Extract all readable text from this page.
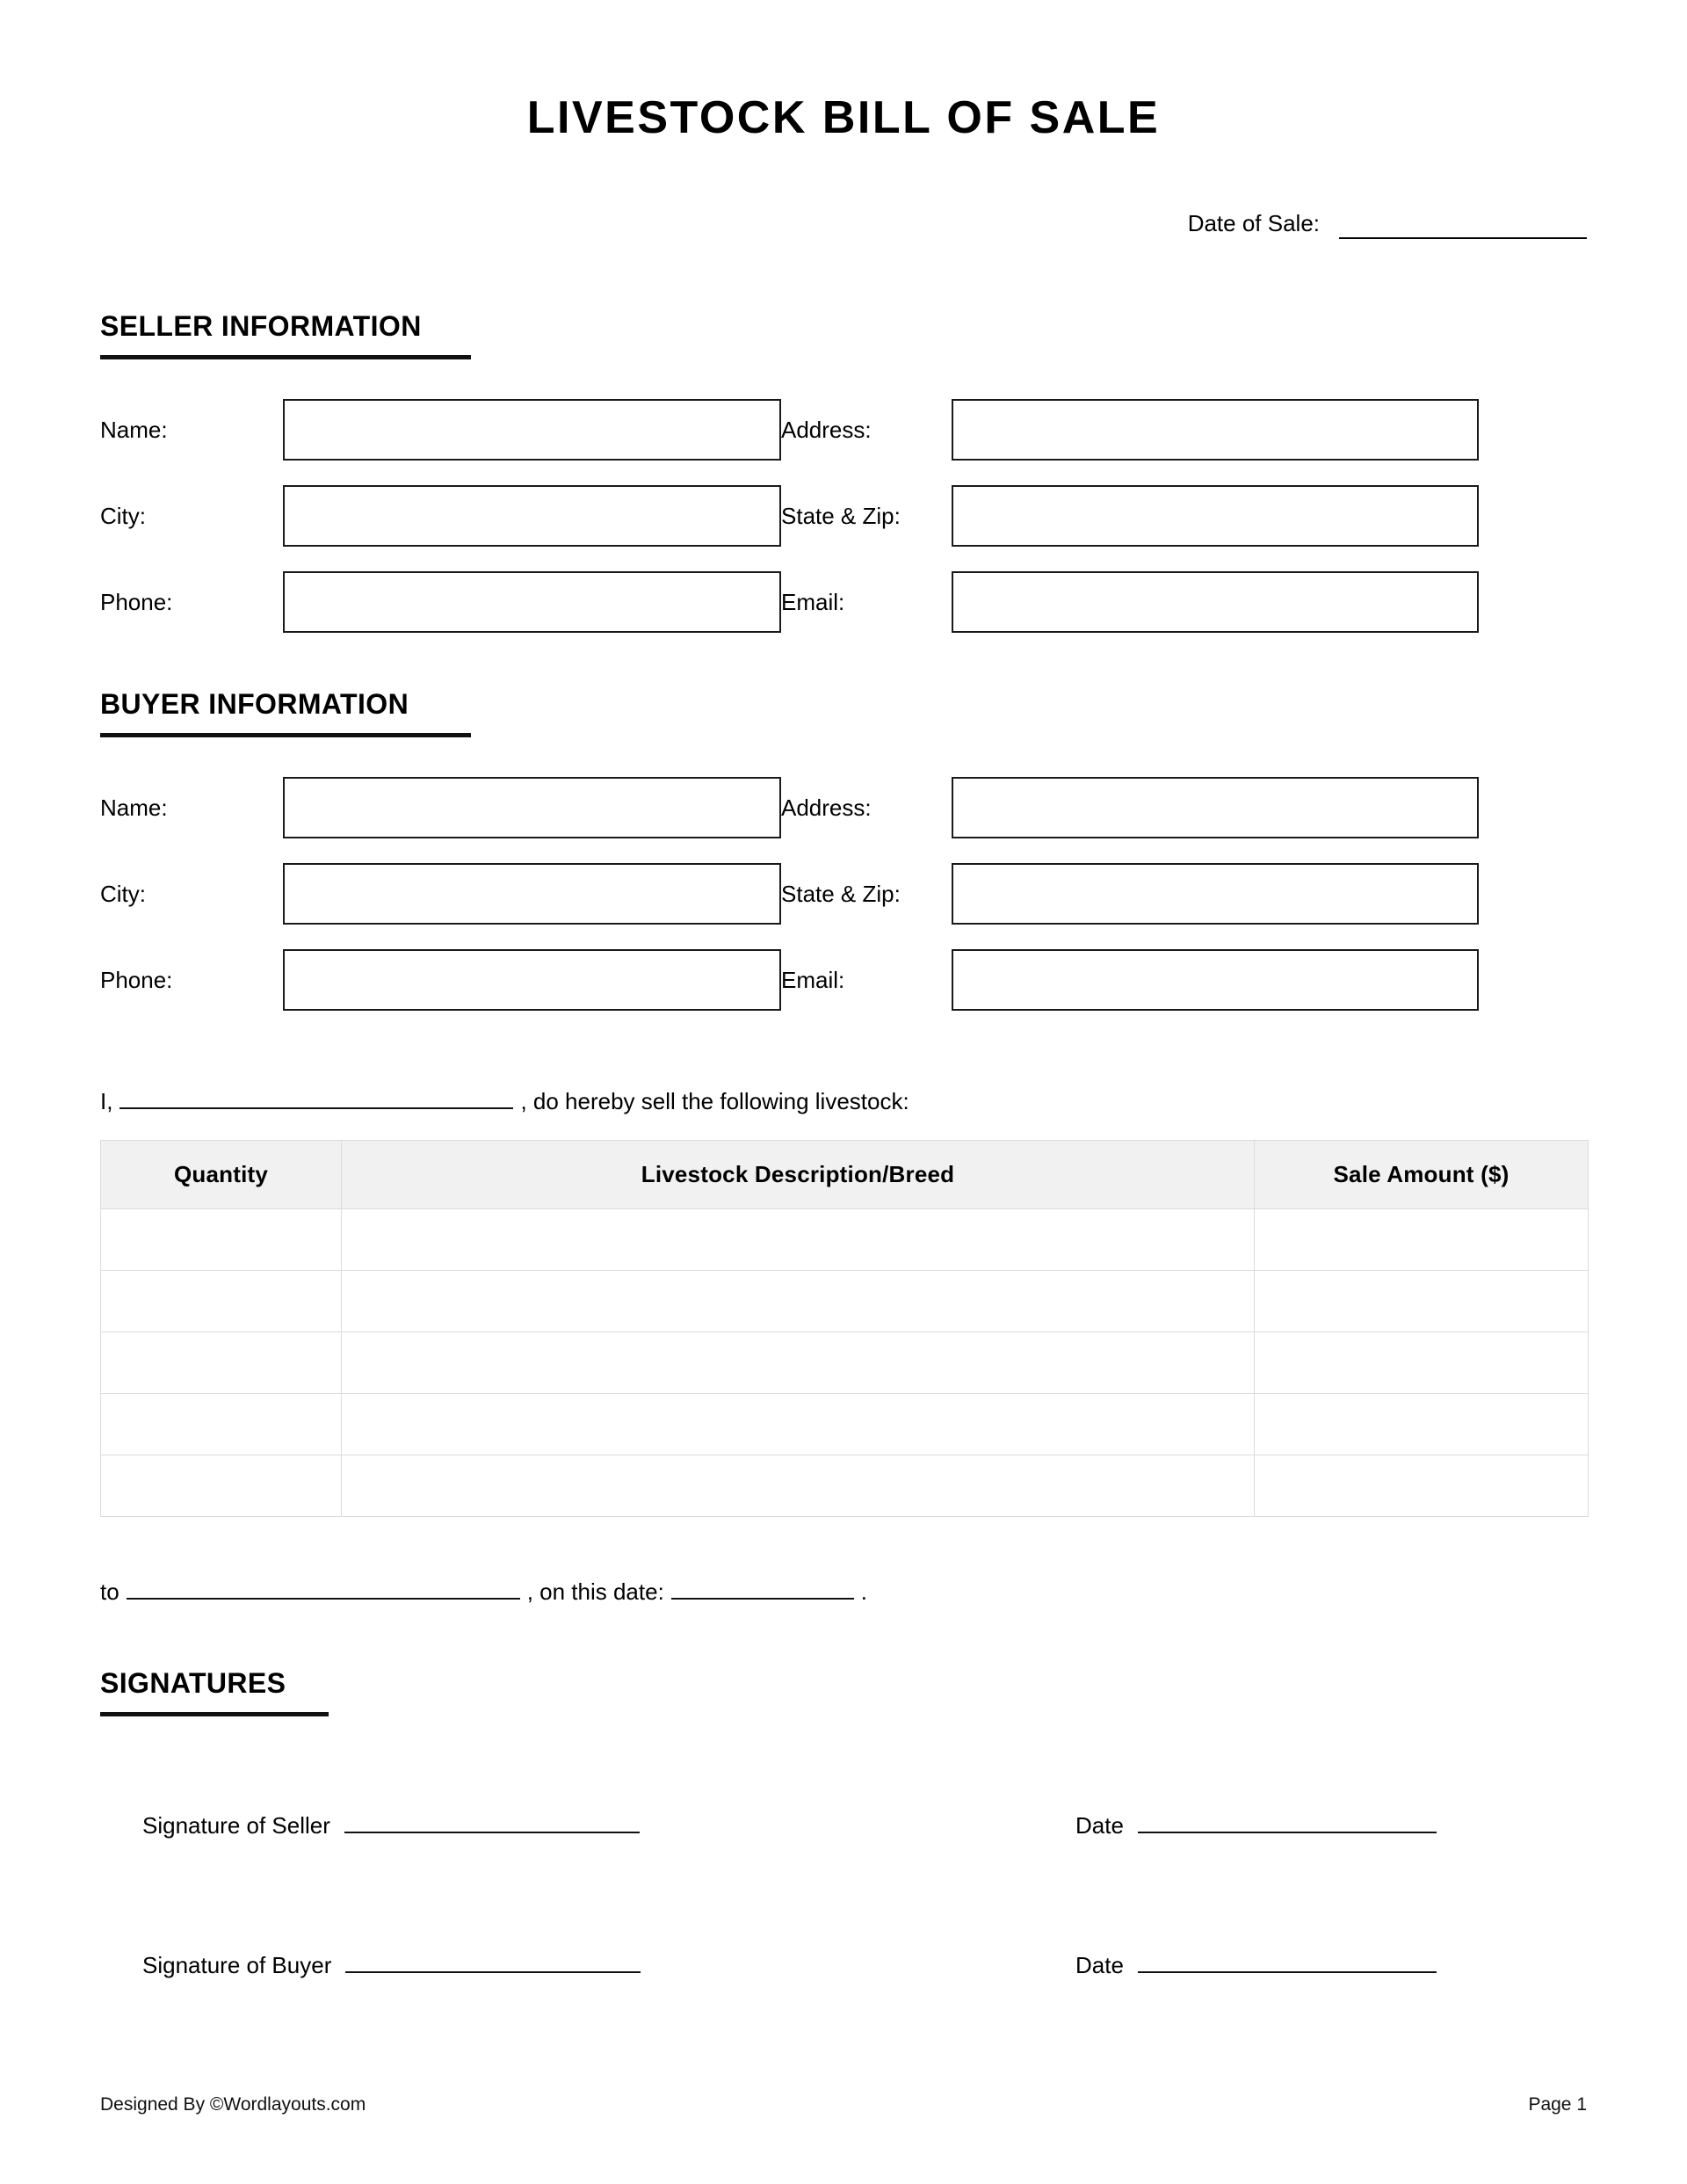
LIVESTOCK BILL OF SALE
Date of Sale:
SELLER INFORMATION
Name:	Address:
City:	State & Zip:
Phone:	Email:
BUYER INFORMATION
Name:	Address:
City:	State & Zip:
Phone:	Email:
I,	, do hereby sell the following livestock:
Quantity	Livestock Description/Breed	Sale Amount ($)

to	, on this date:	.
SIGNATURES
Signature of Seller	Date
Signature of Buyer	Date
Designed By ©Wordlayouts.com	Page 1
